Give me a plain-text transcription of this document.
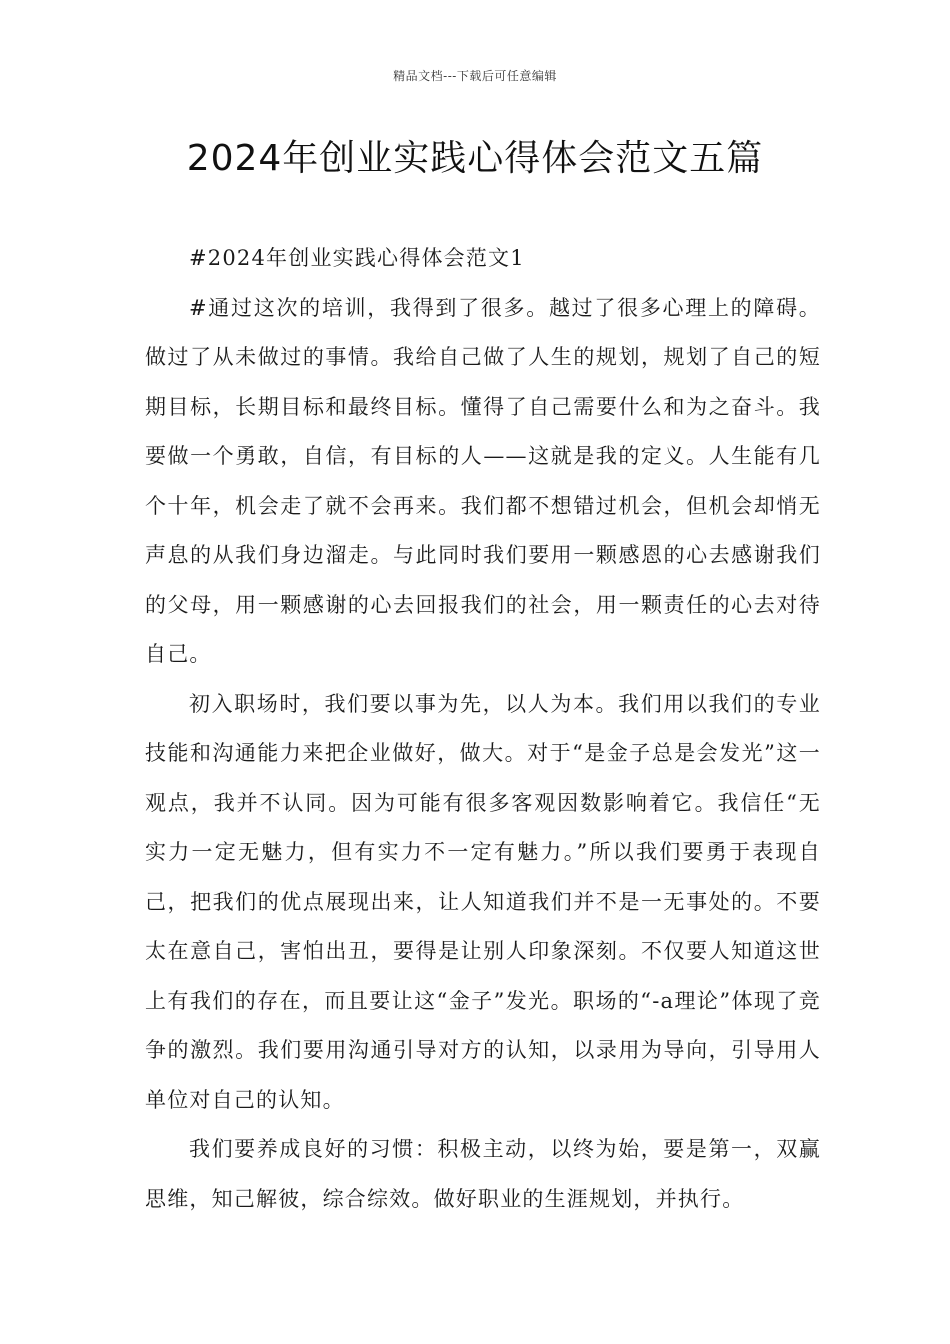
精品文档---下载后可任意编辑
2024年创业实践心得体会范文五篇

#2024年创业实践心得体会范文1

#通过这次的培训，我得到了很多。越过了很多心理上的障碍。做过了从未做过的事情。我给自己做了人生的规划，规划了自己的短期目标，长期目标和最终目标。懂得了自己需要什么和为之奋斗。我要做一个勇敢，自信，有目标的人——这就是我的定义。人生能有几个十年，机会走了就不会再来。我们都不想错过机会，但机会却悄无声息的从我们身边溜走。与此同时我们要用一颗感恩的心去感谢我们的父母，用一颗感谢的心去回报我们的社会，用一颗责任的心去对待自己。

初入职场时，我们要以事为先，以人为本。我们用以我们的专业技能和沟通能力来把企业做好，做大。对于“是金子总是会发光”这一观点，我并不认同。因为可能有很多客观因数影响着它。我信任“无实力一定无魅力，但有实力不一定有魅力。”所以我们要勇于表现自己，把我们的优点展现出来，让人知道我们并不是一无事处的。不要太在意自己，害怕出丑，要得是让别人印象深刻。不仅要人知道这世上有我们的存在，而且要让这“金子”发光。职场的“-a理论”体现了竞争的激烈。我们要用沟通引导对方的认知，以录用为导向，引导用人单位对自己的认知。

我们要养成良好的习惯：积极主动，以终为始，要是第一，双赢思维，知己解彼，综合综效。做好职业的生涯规划，并执行。
